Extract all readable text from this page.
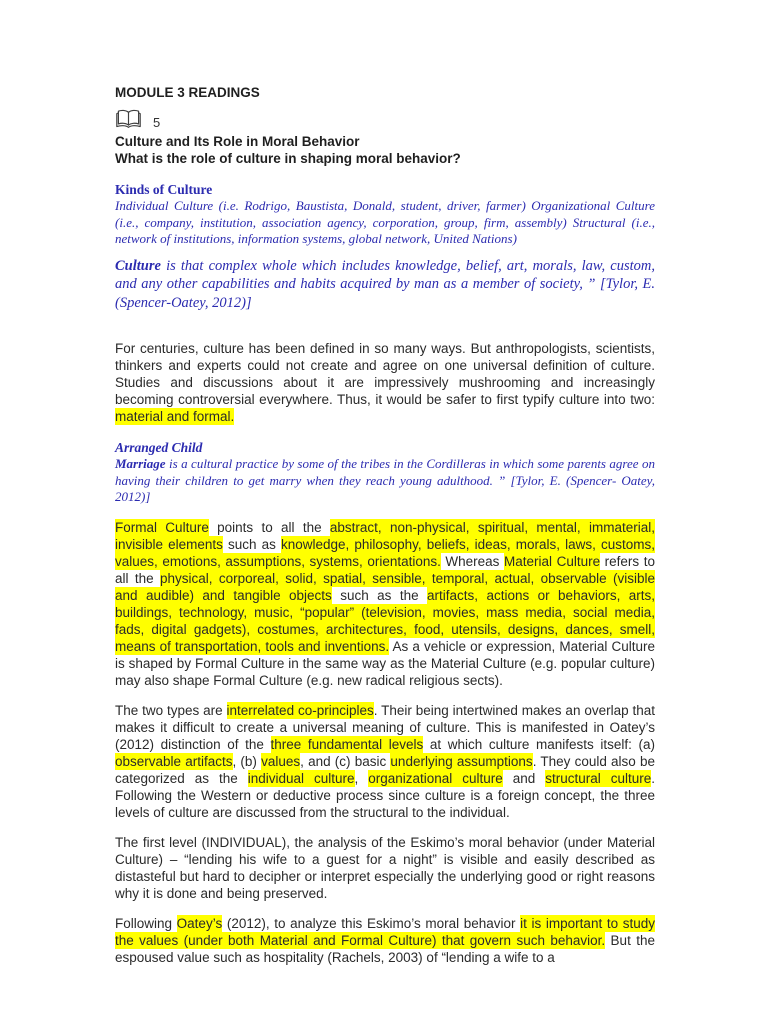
MODULE 3 READINGS

5

Culture and Its Role in Moral Behavior

What is the role of culture in shaping moral behavior?

Kinds of Culture

Individual Culture (i.e. Rodrigo, Baustista, Donald, student, driver, farmer) Organizational Culture (i.e., company, institution, association agency, corporation, group, firm, assembly) Structural (i.e., network of institutions, information systems, global network, United Nations)

Culture is that complex whole which includes knowledge, belief, art, morals, law, custom, and any other capabilities and habits acquired by man as a member of society, ” [Tylor, E. (Spencer-Oatey, 2012)]

For centuries, culture has been defined in so many ways. But anthropologists, scientists, thinkers and experts could not create and agree on one universal definition of culture. Studies and discussions about it are impressively mushrooming and increasingly becoming controversial everywhere. Thus, it would be safer to first typify culture into two: material and formal.

Arranged Child

Marriage is a cultural practice by some of the tribes in the Cordilleras in which some parents agree on having their children to get marry when they reach young adulthood. ” [Tylor, E. (Spencer- Oatey, 2012)]

Formal Culture points to all the abstract, non-physical, spiritual, mental, immaterial, invisible elements such as knowledge, philosophy, beliefs, ideas, morals, laws, customs, values, emotions, assumptions, systems, orientations. Whereas Material Culture refers to all the physical, corporeal, solid, spatial, sensible, temporal, actual, observable (visible and audible) and tangible objects such as the artifacts, actions or behaviors, arts, buildings, technology, music, “popular” (television, movies, mass media, social media, fads, digital gadgets), costumes, architectures, food, utensils, designs, dances, smell, means of transportation, tools and inventions. As a vehicle or expression, Material Culture is shaped by Formal Culture in the same way as the Material Culture (e.g. popular culture) may also shape Formal Culture (e.g. new radical religious sects).

The two types are interrelated co-principles. Their being intertwined makes an overlap that makes it difficult to create a universal meaning of culture. This is manifested in Oatey’s (2012) distinction of the three fundamental levels at which culture manifests itself: (a) observable artifacts, (b) values, and (c) basic underlying assumptions. They could also be categorized as the individual culture, organizational culture and structural culture. Following the Western or deductive process since culture is a foreign concept, the three levels of culture are discussed from the structural to the individual.

The first level (INDIVIDUAL), the analysis of the Eskimo’s moral behavior (under Material Culture) – “lending his wife to a guest for a night” is visible and easily described as distasteful but hard to decipher or interpret especially the underlying good or right reasons why it is done and being preserved.

Following Oatey’s (2012), to analyze this Eskimo’s moral behavior it is important to study the values (under both Material and Formal Culture) that govern such behavior. But the espoused value such as hospitality (Rachels, 2003) of “lending a wife to a
